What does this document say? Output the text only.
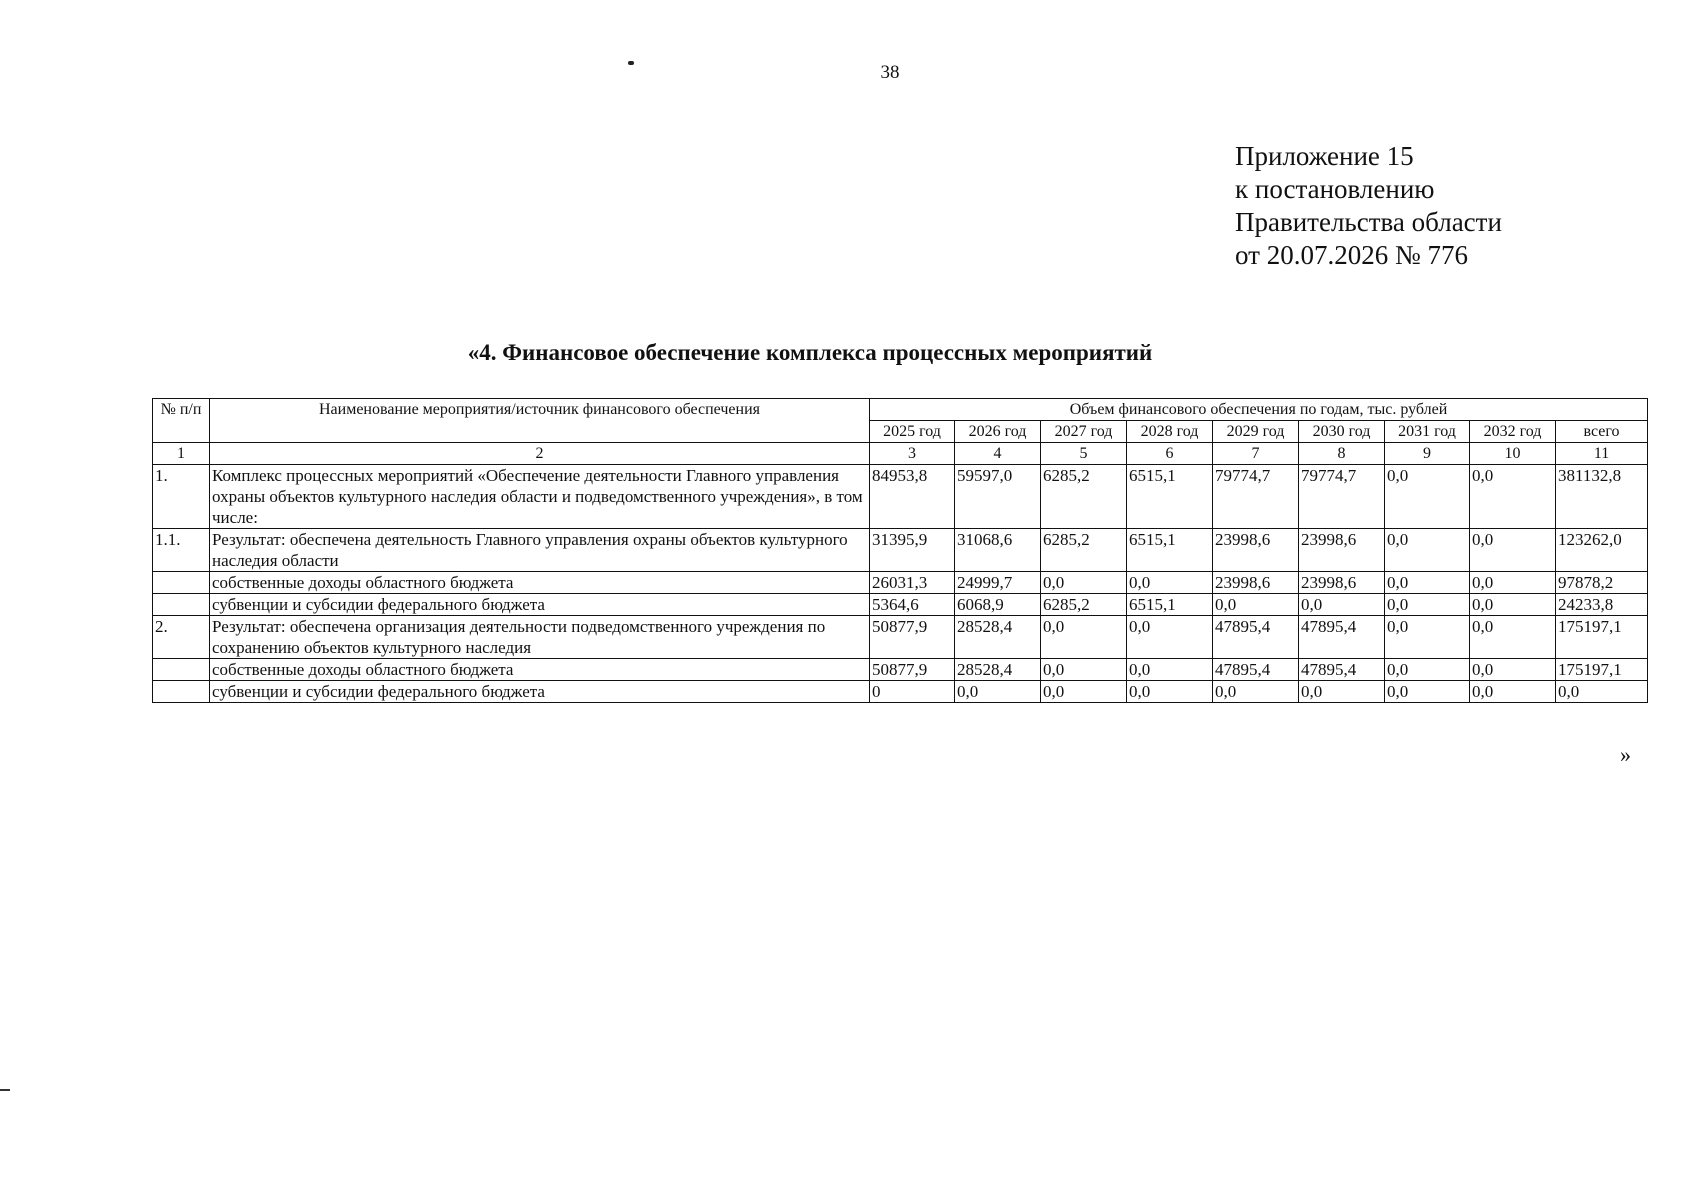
38
Приложение 15
к постановлению
Правительства области
от 20.07.2026 № 776
«4. Финансовое обеспечение комплекса процессных мероприятий
№ п/п	Наименование мероприятия/источник финансового обеспечения	Объем финансового обеспечения по годам, тыс. рублей								
		2025 год	2026 год	2027 год	2028 год	2029 год	2030 год	2031 год	2032 год	всего
1	2	3	4	5	6	7	8	9	10	11
1.	Комплекс процессных мероприятий «Обеспечение деятельности Главного управления охраны объектов культурного наследия области и подведомственного учреждения», в том числе:	84953,8	59597,0	6285,2	6515,1	79774,7	79774,7	0,0	0,0	381132,8
1.1.	Результат: обеспечена деятельность Главного управления охраны объектов культурного наследия области	31395,9	31068,6	6285,2	6515,1	23998,6	23998,6	0,0	0,0	123262,0
	собственные доходы областного бюджета	26031,3	24999,7	0,0	0,0	23998,6	23998,6	0,0	0,0	97878,2
	субвенции и субсидии федерального бюджета	5364,6	6068,9	6285,2	6515,1	0,0	0,0	0,0	0,0	24233,8
2.	Результат: обеспечена организация деятельности подведомственного учреждения по сохранению объектов культурного наследия	50877,9	28528,4	0,0	0,0	47895,4	47895,4	0,0	0,0	175197,1
	собственные доходы областного бюджета	50877,9	28528,4	0,0	0,0	47895,4	47895,4	0,0	0,0	175197,1
	субвенции и субсидии федерального бюджета	0	0,0	0,0	0,0	0,0	0,0	0,0	0,0	0,0
»
